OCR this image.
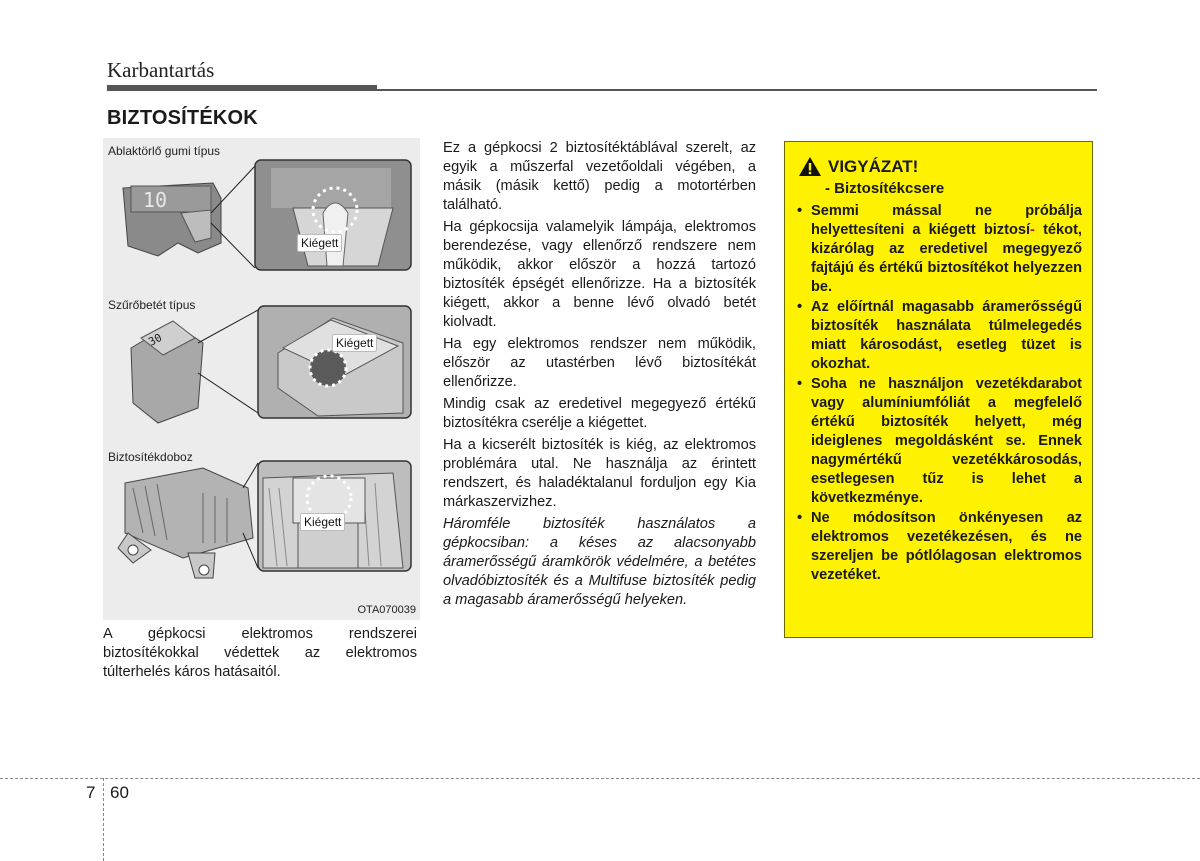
Karbantartás
BIZTOSÍTÉKOK
10
30
Ablaktörlő gumi típus
Szűrőbetét típus
Biztosítékdoboz
Kiégett
Kiégett
Kiégett
OTA070039
A gépkocsi elektromos rendszerei biztosítékokkal védettek az elektromos túlterhelés káros hatásaitól.

Ez a gépkocsi 2 biztosítéktáblával szerelt, az egyik a műszerfal vezetőoldali végében, a másik (másik kettő) pedig a motortérben található.

Ha gépkocsija valamelyik lámpája, elektromos berendezése, vagy ellenőrző rendszere nem működik, akkor először a hozzá tartozó biztosíték épségét ellenőrizze. Ha a biztosíték kiégett, akkor a benne lévő olvadó betét kiolvadt.

Ha egy elektromos rendszer nem működik, először az utastérben lévő biztosítékát ellenőrizze.

Mindig csak az eredetivel megegyező értékű biztosítékra cserélje a kiégettet.

Ha a kicserélt biztosíték is kiég, az elektromos problémára utal. Ne használja az érintett rendszert, és haladéktalanul forduljon egy Kia márkaszervizhez.

Háromféle biztosíték használatos a gépkocsiban: a késes az alacsonyabb áramerősségű áramkörök védelmére, a betétes olvadóbiztosíték és a Multifuse biztosíték pedig a magasabb áramerősségű helyeken.

VIGYÁZAT!
- Biztosítékcsere
• Semmi mással ne próbálja helyettesíteni a kiégett biztosí- tékot, kizárólag az eredetivel megegyező fajtájú és értékű biztosítékot helyezzen be.
• Az előírtnál magasabb áramerősségű biztosíték használata túlmelegedés miatt károsodást, esetleg tüzet is okozhat.
• Soha ne használjon vezetékdarabot vagy alumíniumfóliát a megfelelő értékű biztosíték helyett, még ideiglenes megoldásként se. Ennek nagymértékű vezetékkárosodás, esetlegesen tűz is lehet a következménye.
• Ne módosítson önkényesen az elektromos vezetékezésen, és ne szereljen be pótlólagosan elektromos vezetéket.
7 60
